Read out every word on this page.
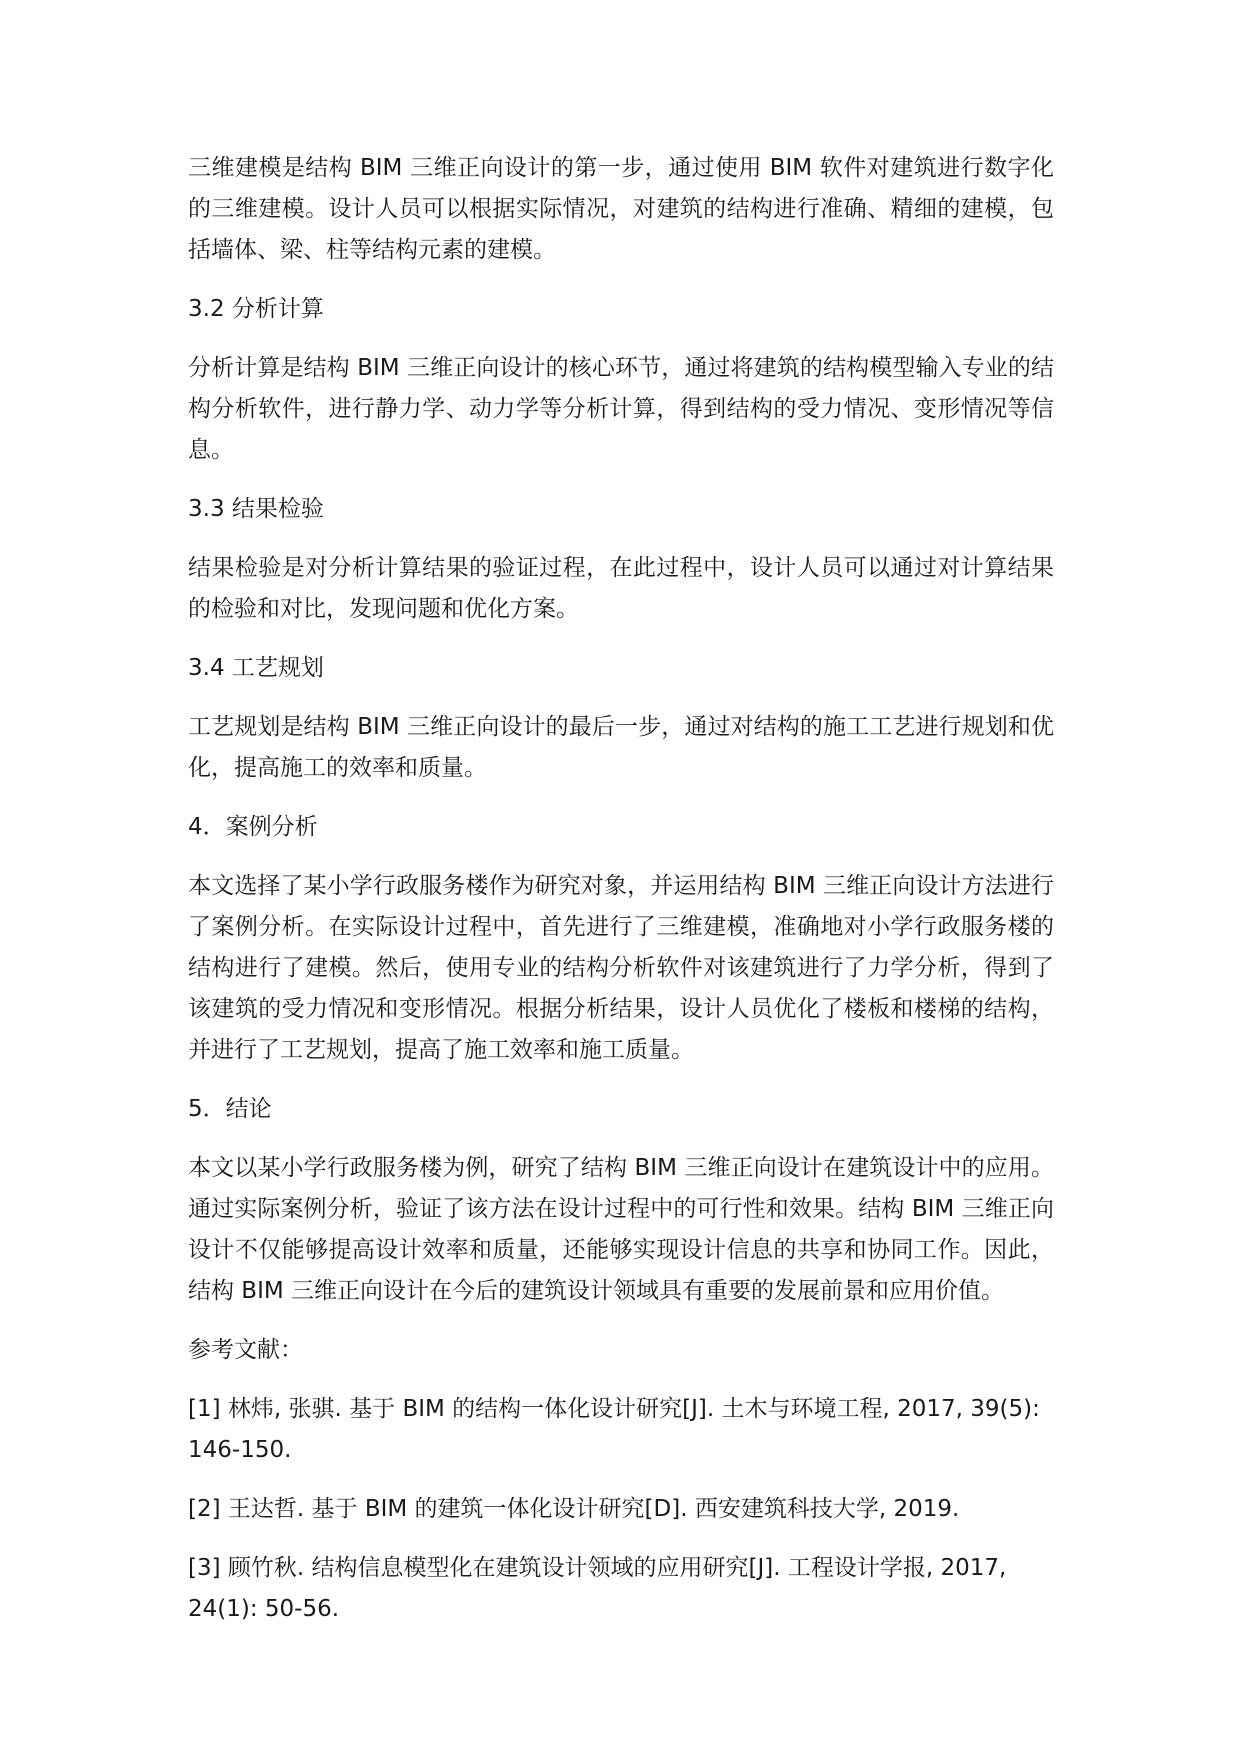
三维建模是结构 BIM 三维正向设计的第一步，通过使用 BIM 软件对建筑进行数字化的三维建模。设计人员可以根据实际情况，对建筑的结构进行准确、精细的建模，包括墙体、梁、柱等结构元素的建模。

3.2 分析计算

分析计算是结构 BIM 三维正向设计的核心环节，通过将建筑的结构模型输入专业的结构分析软件，进行静力学、动力学等分析计算，得到结构的受力情况、变形情况等信息。

3.3 结果检验

结果检验是对分析计算结果的验证过程，在此过程中，设计人员可以通过对计算结果的检验和对比，发现问题和优化方案。

3.4 工艺规划

工艺规划是结构 BIM 三维正向设计的最后一步，通过对结构的施工工艺进行规划和优化，提高施工的效率和质量。

4．案例分析

本文选择了某小学行政服务楼作为研究对象，并运用结构 BIM 三维正向设计方法进行了案例分析。在实际设计过程中，首先进行了三维建模，准确地对小学行政服务楼的结构进行了建模。然后，使用专业的结构分析软件对该建筑进行了力学分析，得到了该建筑的受力情况和变形情况。根据分析结果，设计人员优化了楼板和楼梯的结构，并进行了工艺规划，提高了施工效率和施工质量。

5．结论

本文以某小学行政服务楼为例，研究了结构 BIM 三维正向设计在建筑设计中的应用。通过实际案例分析，验证了该方法在设计过程中的可行性和效果。结构 BIM 三维正向设计不仅能够提高设计效率和质量，还能够实现设计信息的共享和协同工作。因此，结构 BIM 三维正向设计在今后的建筑设计领域具有重要的发展前景和应用价值。

参考文献：

[1] 林炜, 张骐. 基于 BIM 的结构一体化设计研究[J]. 土木与环境工程, 2017, 39(5): 146-150.

[2] 王达哲. 基于 BIM 的建筑一体化设计研究[D]. 西安建筑科技大学, 2019.

[3] 顾竹秋. 结构信息模型化在建筑设计领域的应用研究[J]. 工程设计学报, 2017, 24(1): 50-56.
